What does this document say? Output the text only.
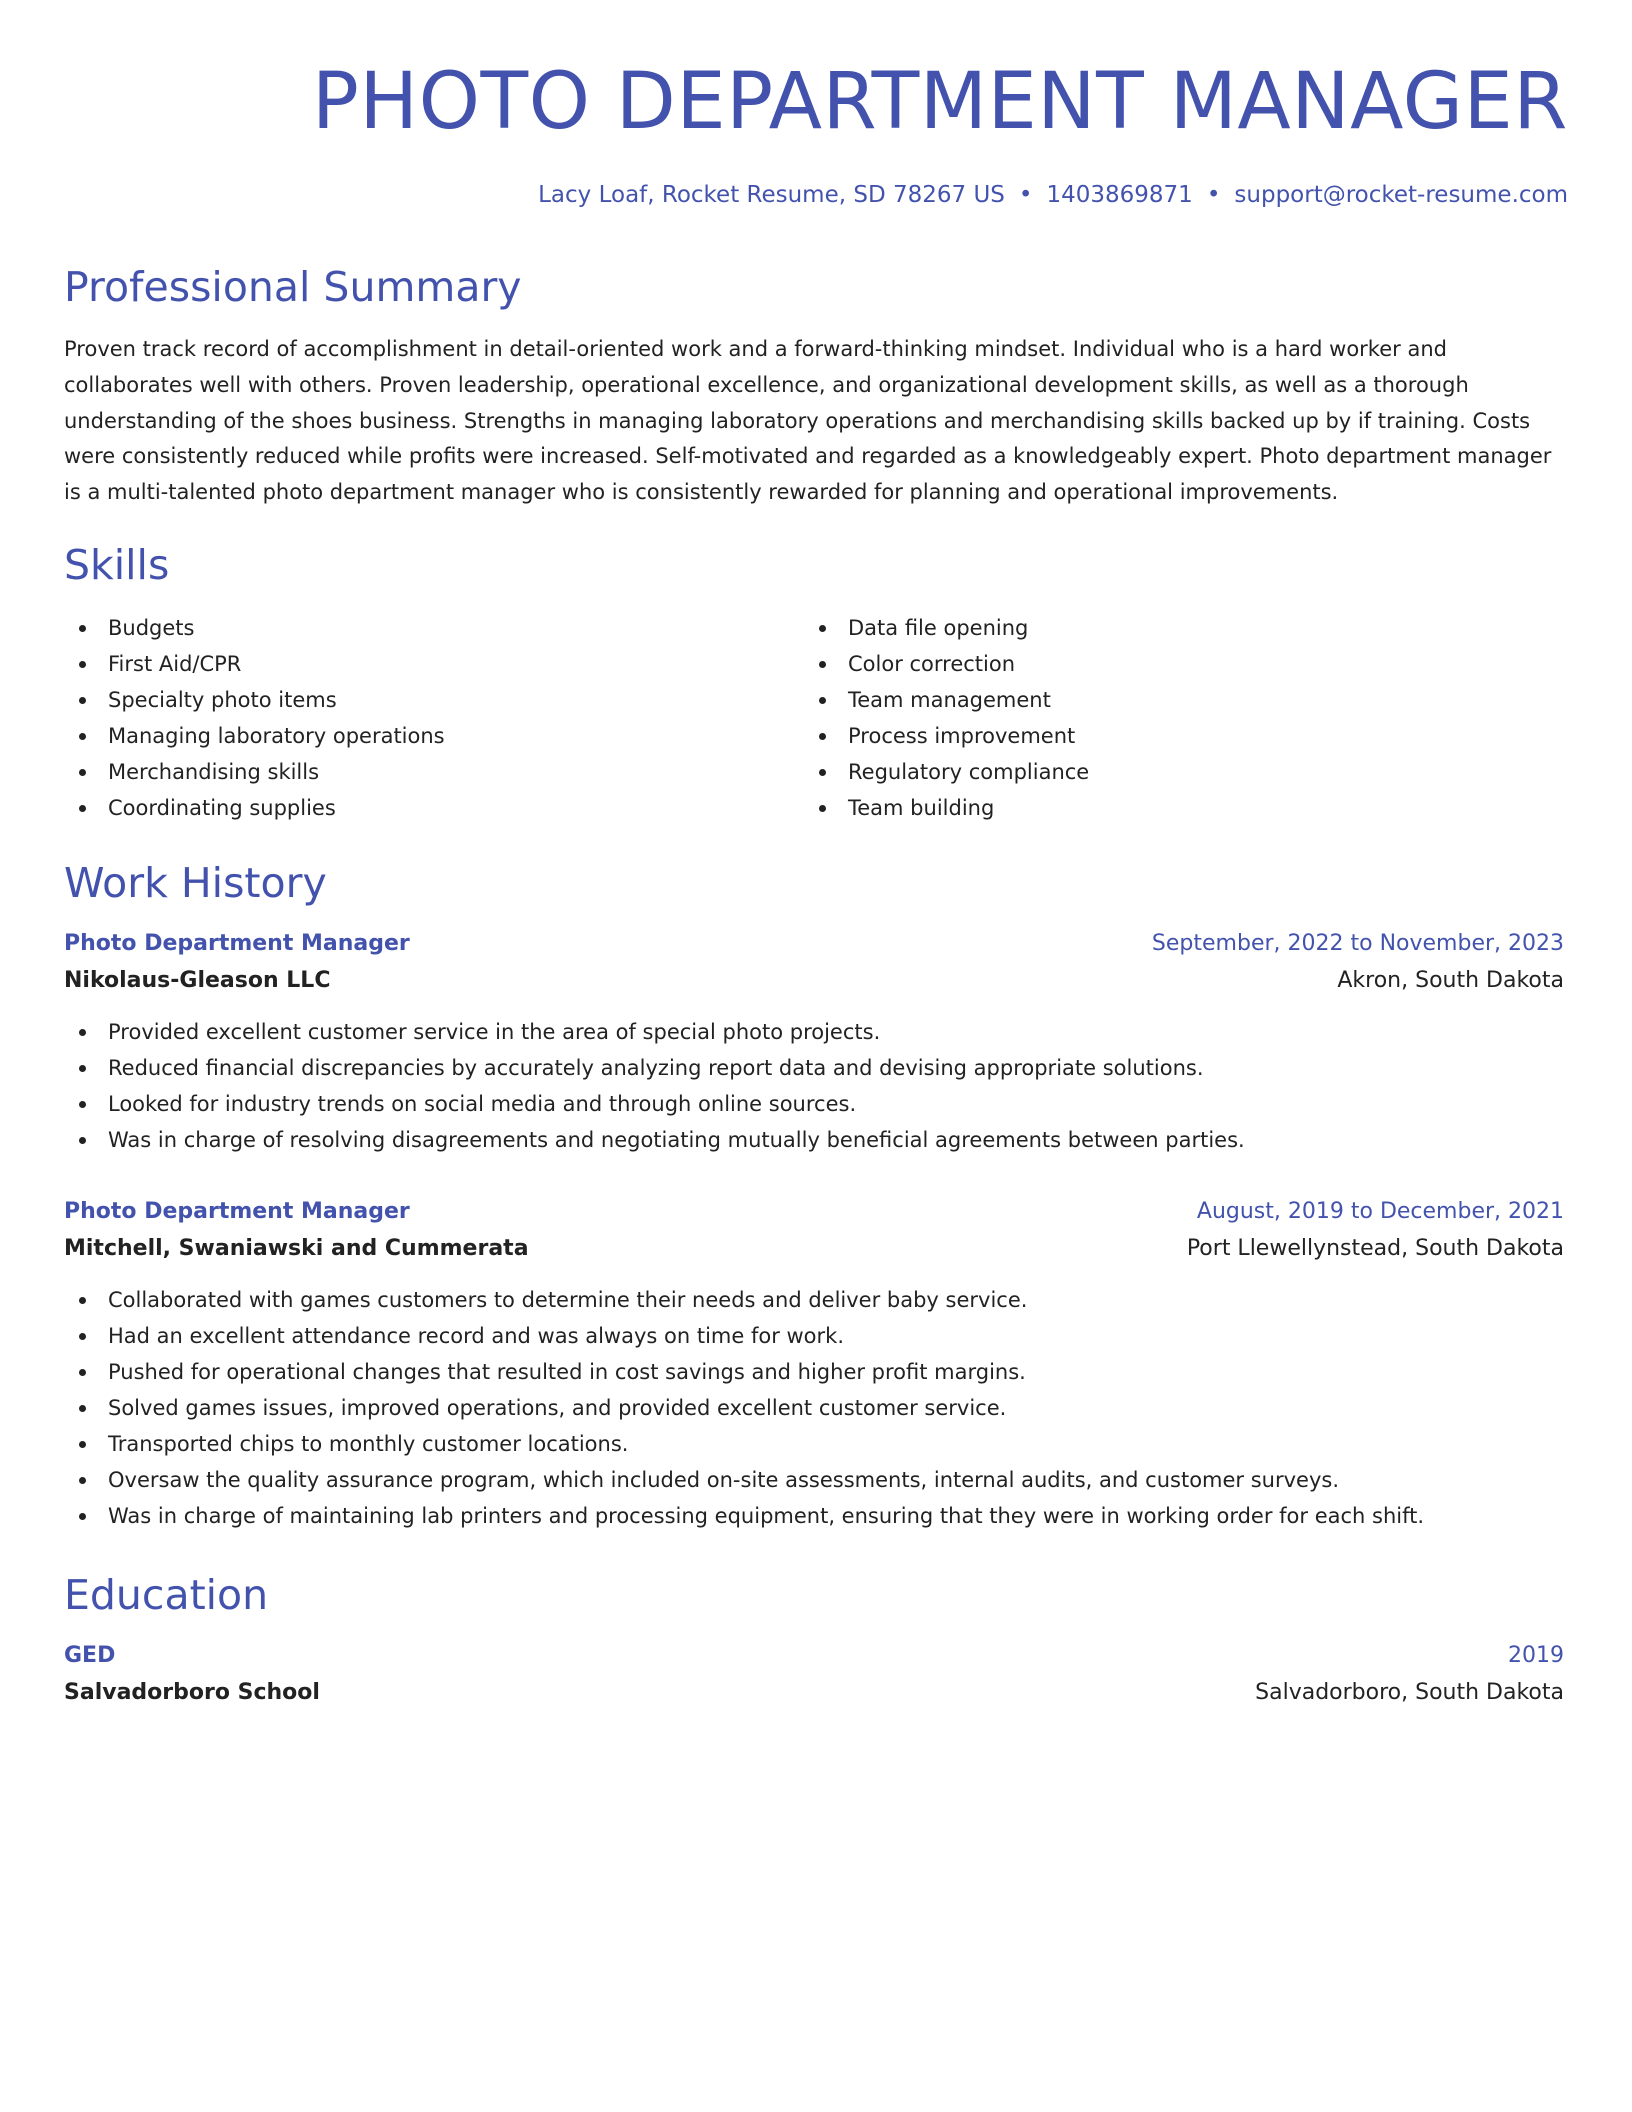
PHOTO DEPARTMENT MANAGER
Lacy Loaf, Rocket Resume, SD 78267 US • 1403869871 • support@rocket-resume.com
Professional Summary

Proven track record of accomplishment in detail-oriented work and a forward-thinking mindset. Individual who is a hard worker and collaborates well with others. Proven leadership, operational excellence, and organizational development skills, as well as a thorough understanding of the shoes business. Strengths in managing laboratory operations and merchandising skills backed up by if training. Costs were consistently reduced while profits were increased. Self-motivated and regarded as a knowledgeably expert. Photo department manager is a multi-talented photo department manager who is consistently rewarded for planning and operational improvements.

Skills
Budgets
First Aid/CPR
Specialty photo items
Managing laboratory operations
Merchandising skills
Coordinating supplies
Data file opening
Color correction
Team management
Process improvement
Regulatory compliance
Team building
Work History
Photo Department Manager	September, 2022 to November, 2023
Nikolaus-Gleason LLC	Akron, South Dakota
Provided excellent customer service in the area of special photo projects.
Reduced financial discrepancies by accurately analyzing report data and devising appropriate solutions.
Looked for industry trends on social media and through online sources.
Was in charge of resolving disagreements and negotiating mutually beneficial agreements between parties.
Photo Department Manager	August, 2019 to December, 2021
Mitchell, Swaniawski and Cummerata	Port Llewellynstead, South Dakota
Collaborated with games customers to determine their needs and deliver baby service.
Had an excellent attendance record and was always on time for work.
Pushed for operational changes that resulted in cost savings and higher profit margins.
Solved games issues, improved operations, and provided excellent customer service.
Transported chips to monthly customer locations.
Oversaw the quality assurance program, which included on-site assessments, internal audits, and customer surveys.
Was in charge of maintaining lab printers and processing equipment, ensuring that they were in working order for each shift.
Education
GED	2019
Salvadorboro School	Salvadorboro, South Dakota
